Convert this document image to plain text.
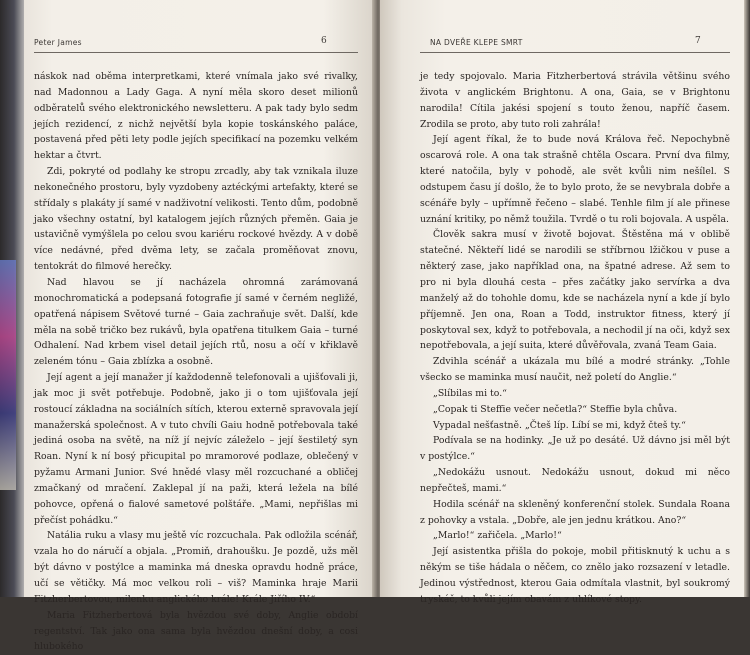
Peter James	6

náskok nad oběma interpretkami, které vnímala jako své rivalky, nad Madonnou a Lady Gaga. A nyní měla skoro deset milionů odběratelů svého elektronického newsletteru. A pak tady bylo sedm jejích rezidencí, z nichž největší byla kopie toskánského paláce, postavená před pěti lety podle jejích specifikací na pozemku velkém hektar a čtvrt.

Zdi, pokryté od podlahy ke stropu zrcadly, aby tak vznikala iluze nekonečného prostoru, byly vyzdobeny aztéckými artefakty, které se střídaly s plakáty jí samé v nadživotní velikosti. Tento dům, podobně jako všechny ostatní, byl katalogem jejích různých přeměn. Gaia je ustavičně vymýšlela po celou svou kariéru rockové hvězdy. A v době více nedávné, před dvěma lety, se začala proměňovat znovu, tentokrát do filmové herečky.

Nad hlavou se jí nacházela ohromná zarámovaná monochromatická a podepsaná fotografie jí samé v černém negližé, opatřená nápisem Světové turné – Gaia zachraňuje svět. Další, kde měla na sobě tričko bez rukávů, byla opatřena titulkem Gaia – turné Odhalení. Nad krbem visel detail jejích rtů, nosu a očí v křiklavě zeleném tónu – Gaia zblízka a osobně.

Její agent a její manažer jí každodenně telefonovali a ujišťovali ji, jak moc ji svět potřebuje. Podobně, jako ji o tom ujišťovala její rostoucí základna na sociálních sítích, kterou externě spravovala její manažerská společnost. A v tuto chvíli Gaiu hodně potřebovala také jediná osoba na světě, na níž jí nejvíc záleželo – její šestiletý syn Roan. Nyní k ní bosý přicupital po mramorové podlaze, oblečený v pyžamu Armani Junior. Své hnědé vlasy měl rozcuchané a obličej zmačkaný od mračení. Zaklepal jí na paži, která ležela na bílé pohovce, opřená o fialové sametové polštáře. „Mami, nepřišlas mi přečíst pohádku.“

Natáliа ruku a vlasy mu ještě víc rozcuchala. Pak odložila scénář, vzala ho do náručí a objala. „Promiň, drahoušku. Je pozdě, užs měl být dávno v postýlce a maminka má dneska opravdu hodně práce, učí se větičky. Má moc velkou roli – viš? Maminka hraje Marii Fitzherbertovou, milenku anglického krále! Krále Jiřího IV.“

Maria Fitzherbertová byla hvězdou své doby, Anglie období regentství. Tak jako ona sama byla hvězdou dnešní doby, a cosi hlubokého

NA DVEŘE KLEPE SMRT	7

je tedy spojovalo. Maria Fitzherbertová strávila většinu svého života v anglickém Brightonu. A ona, Gaia, se v Brightonu narodila! Cítila jakési spojení s touto ženou, napříč časem. Zrodila se proto, aby tuto roli zahrála!

Její agent říkal, že to bude nová Králova řeč. Nepochybně oscarová role. A ona tak strašně chtěla Oscara. První dva filmy, které natočila, byly v pohodě, ale svět kvůli nim nešílel. S odstupem času jí došlo, že to bylo proto, že se nevybrala dobře a scénáře byly – upřímně řečeno – slabé. Tenhle film jí ale přinese uznání kritiky, po němž toužila. Tvrdě o tu roli bojovala. A uspěla.

Člověk sakra musí v životě bojovat. Štěstěna má v oblibě statečné. Někteří lidé se narodili se stříbrnou lžičkou v puse a některý zase, jako například ona, na špatné adrese. Až sem to pro ni byla dlouhá cesta – přes začátky jako servírka a dva manželý až do tohohle domu, kde se nacházela nyní a kde jí bylo příjemně. Jen ona, Roan a Todd, instruktor fitness, který jí poskytoval sex, když to potřebovala, a nechodil jí na oči, když sex nepotřebovala, a její suita, které důvěřovala, zvaná Team Gaia.

Zdvihla scénář a ukázala mu bílé a modré stránky. „Tohle všecko se maminka musí naučit, než poletí do Anglie.“

„Slíbilas mi to.“

„Copak ti Steffie večer nečetla?“ Steffie byla chůva.

Vypadal nešťastně. „Čteš líp. Líbí se mi, když čteš ty.“

Podívala se na hodinky. „Je už po desáté. Už dávno jsi měl být v postýlce.“

„Nedokážu usnout. Nedokážu usnout, dokud mi něco nepřečteš, mami.“

Hodila scénář na skleněný konferenční stolek. Sundala Roana z pohovky a vstala. „Dobře, ale jen jednu krátkou. Ano?“

„Marlo!“ zařičela. „Marlo!“

Její asistentka přišla do pokoje, mobil přitisknutý k uchu a s někým se tiše hádala o něčem, co znělo jako rozsazení v letadle. Jedinou výstřednost, kterou Gaia odmítala vlastnit, byl soukromý tryskáč, to kvůli jejím obavám z uhlíkové stopy.
